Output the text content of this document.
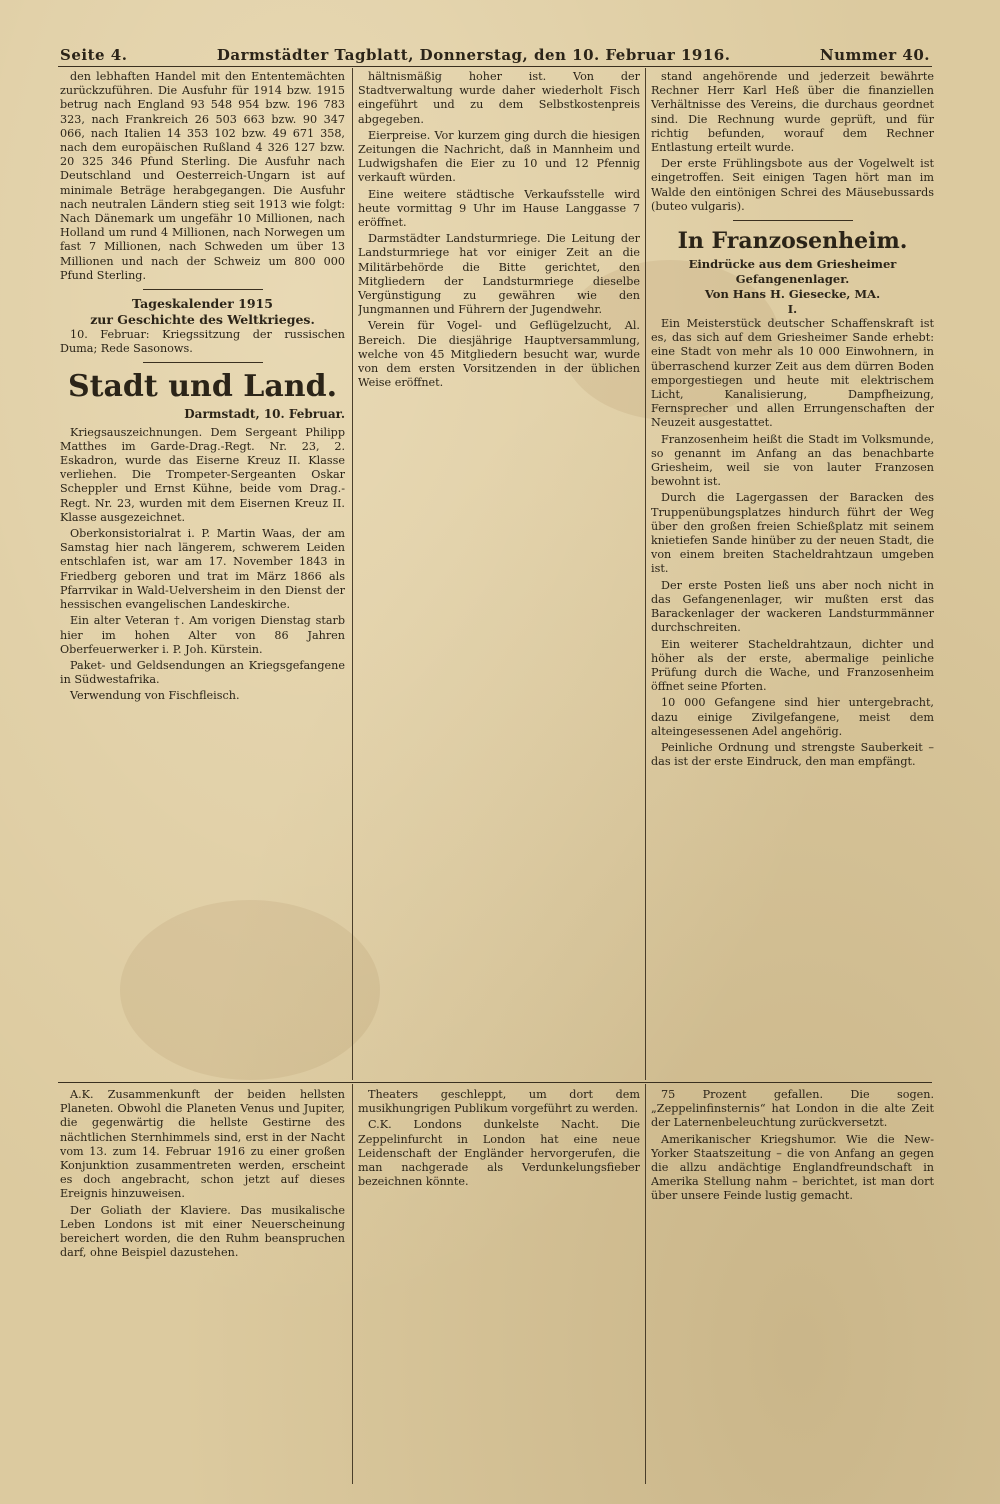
Seite 4.	Darmstädter Tagblatt, Donnerstag, den 10. Februar 1916.	Nummer 40.

den lebhaften Handel mit den Ententemächten zurückzuführen. Die Ausfuhr für 1914 bzw. 1915 betrug nach England 93 548 954 bzw. 196 783 323, nach Frankreich 26 503 663 bzw. 90 347 066, nach Italien 14 353 102 bzw. 49 671 358, nach dem europäischen Rußland 4 326 127 bzw. 20 325 346 Pfund Sterling. Die Ausfuhr nach Deutschland und Oesterreich-Ungarn ist auf minimale Beträge herabgegangen. Die Ausfuhr nach neutralen Ländern stieg seit 1913 wie folgt: Nach Dänemark um ungefähr 10 Millionen, nach Holland um rund 4 Millionen, nach Norwegen um fast 7 Millionen, nach Schweden um über 13 Millionen und nach der Schweiz um 800 000 Pfund Sterling.

Tageskalender 1915
zur Geschichte des Weltkrieges.

10. Februar: Kriegssitzung der russischen Duma; Rede Sasonows.

Stadt und Land.
Darmstadt, 10. Februar.

Kriegsauszeichnungen. Dem Sergeant Philipp Matthes im Garde-Drag.-Regt. Nr. 23, 2. Eskadron, wurde das Eiserne Kreuz II. Klasse verliehen. Die Trompeter-Sergeanten Oskar Scheppler und Ernst Kühne, beide vom Drag.-Regt. Nr. 23, wurden mit dem Eisernen Kreuz II. Klasse ausgezeichnet.

Oberkonsistorialrat i. P. Martin Waas, der am Samstag hier nach längerem, schwerem Leiden entschlafen ist, war am 17. November 1843 in Friedberg geboren und trat im März 1866 als Pfarrvikar in Wald-Uelversheim in den Dienst der hessischen evangelischen Landeskirche.

Ein alter Veteran †. Am vorigen Dienstag starb hier im hohen Alter von 86 Jahren Oberfeuerwerker i. P. Joh. Kürstein.

Paket- und Geldsendungen an Kriegsgefangene in Südwestafrika.

Verwendung von Fischfleisch.

hältnismäßig hoher ist. Von der Stadtverwaltung wurde daher wiederholt Fisch eingeführt und zu dem Selbstkostenpreis abgegeben.

Eierpreise. Vor kurzem ging durch die hiesigen Zeitungen die Nachricht, daß in Mannheim und Ludwigshafen die Eier zu 10 und 12 Pfennig verkauft würden.

Eine weitere städtische Verkaufsstelle wird heute vormittag 9 Uhr im Hause Langgasse 7 eröffnet.

Darmstädter Landsturmriege. Die Leitung der Landsturmriege hat vor einiger Zeit an die Militärbehörde die Bitte gerichtet, den Mitgliedern der Landsturmriege dieselbe Vergünstigung zu gewähren wie den Jungmannen und Führern der Jugendwehr.

Verein für Vogel- und Geflügelzucht, Al. Bereich. Die diesjährige Hauptversammlung, welche von 45 Mitgliedern besucht war, wurde von dem ersten Vorsitzenden in der üblichen Weise eröffnet.

stand angehörende und jederzeit bewährte Rechner Herr Karl Heß über die finanziellen Verhältnisse des Vereins, die durchaus geordnet sind. Die Rechnung wurde geprüft, und für richtig befunden, worauf dem Rechner Entlastung erteilt wurde.

Der erste Frühlingsbote aus der Vogelwelt ist eingetroffen. Seit einigen Tagen hört man im Walde den eintönigen Schrei des Mäusebussards (buteo vulgaris).

In Franzosenheim.
Eindrücke aus dem Griesheimer Gefangenenlager.
Von Hans H. Giesecke, MA.
I.

Ein Meisterstück deutscher Schaffenskraft ist es, das sich auf dem Griesheimer Sande erhebt: eine Stadt von mehr als 10 000 Einwohnern, in überraschend kurzer Zeit aus dem dürren Boden emporgestiegen und heute mit elektrischem Licht, Kanalisierung, Dampfheizung, Fernsprecher und allen Errungenschaften der Neuzeit ausgestattet.

Franzosenheim heißt die Stadt im Volksmunde, so genannt im Anfang an das benachbarte Griesheim, weil sie von lauter Franzosen bewohnt ist.

Durch die Lagergassen der Baracken des Truppenübungsplatzes hindurch führt der Weg über den großen freien Schießplatz mit seinem knietiefen Sande hinüber zu der neuen Stadt, die von einem breiten Stacheldrahtzaun umgeben ist.

Der erste Posten ließ uns aber noch nicht in das Gefangenenlager, wir mußten erst das Barackenlager der wackeren Landsturmmänner durchschreiten.

Ein weiterer Stacheldrahtzaun, dichter und höher als der erste, abermalige peinliche Prüfung durch die Wache, und Franzosenheim öffnet seine Pforten.

10 000 Gefangene sind hier untergebracht, dazu einige Zivilgefangene, meist dem alteingesessenen Adel angehörig.

Peinliche Ordnung und strengste Sauberkeit – das ist der erste Eindruck, den man empfängt.

A.K. Zusammenkunft der beiden hellsten Planeten. Obwohl die Planeten Venus und Jupiter, die gegenwärtig die hellste Gestirne des nächtlichen Sternhimmels sind, erst in der Nacht vom 13. zum 14. Februar 1916 zu einer großen Konjunktion zusammentreten werden, erscheint es doch angebracht, schon jetzt auf dieses Ereignis hinzuweisen.

Der Goliath der Klaviere. Das musikalische Leben Londons ist mit einer Neuerscheinung bereichert worden, die den Ruhm beanspruchen darf, ohne Beispiel dazustehen.

Theaters geschleppt, um dort dem musikhungrigen Publikum vorgeführt zu werden.

C.K. Londons dunkelste Nacht. Die Zeppelinfurcht in London hat eine neue Leidenschaft der Engländer hervorgerufen, die man nachgerade als Verdunkelungsfieber bezeichnen könnte.

75 Prozent gefallen. Die sogen. „Zeppelinfinsternis“ hat London in die alte Zeit der Laternenbeleuchtung zurückversetzt.

Amerikanischer Kriegshumor. Wie die New-Yorker Staatszeitung – die von Anfang an gegen die allzu andächtige Englandfreundschaft in Amerika Stellung nahm – berichtet, ist man dort über unsere Feinde lustig gemacht.
